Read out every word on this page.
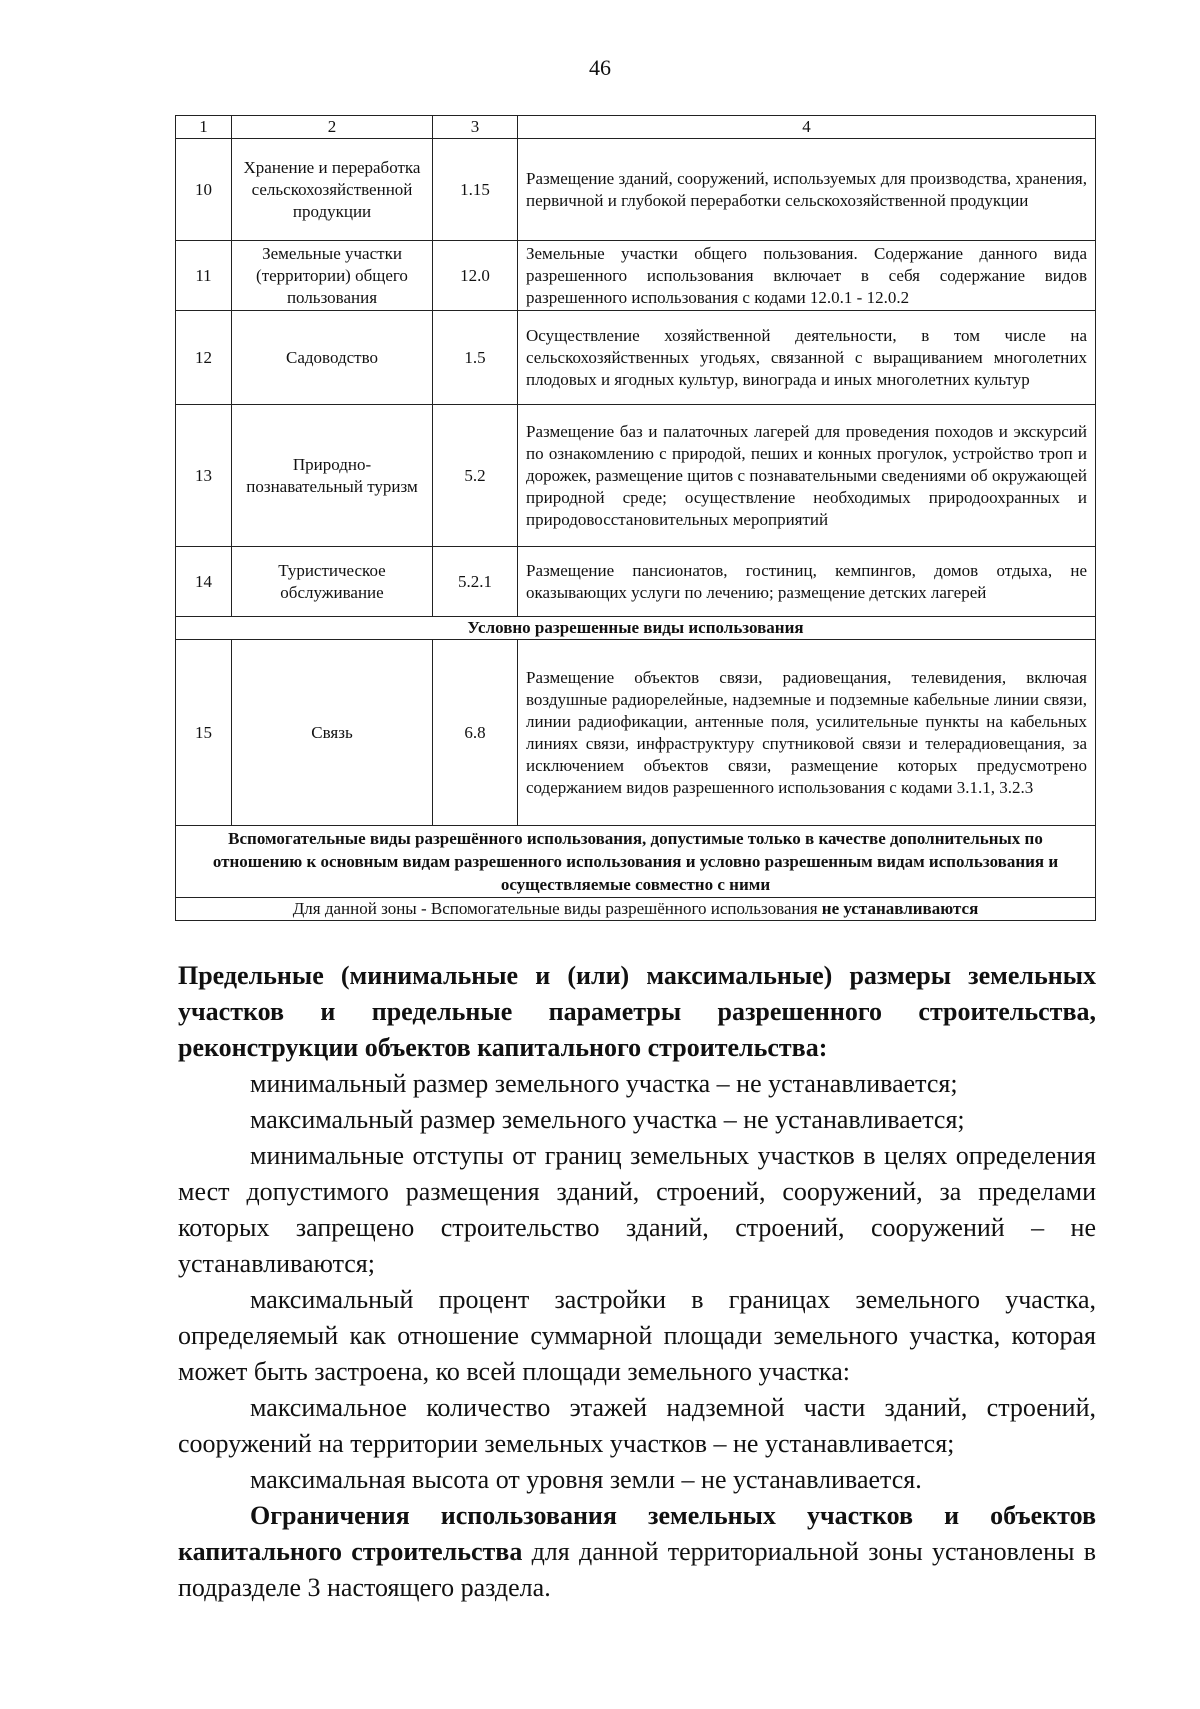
46
1	2	3	4
10	Хранение и переработка сельскохозяйственной продукции	1.15	Размещение зданий, сооружений, используемых для производства, хранения, первичной и глубокой переработки сельскохозяйственной продукции
11	Земельные участки (территории) общего пользования	12.0	Земельные участки общего пользования. Содержание данного вида разрешенного использования включает в себя содержание видов разрешенного использования с кодами 12.0.1 - 12.0.2
12	Садоводство	1.5	Осуществление хозяйственной деятельности, в том числе на сельскохозяйственных угодьях, связанной с выращиванием многолетних плодовых и ягодных культур, винограда и иных многолетних культур
13	Природно-познавательный туризм	5.2	Размещение баз и палаточных лагерей для проведения походов и экскурсий по ознакомлению с природой, пеших и конных прогулок, устройство троп и дорожек, размещение щитов с познавательными сведениями об окружающей природной среде; осуществление необходимых природоохранных и природовосстановительных мероприятий
14	Туристическое обслуживание	5.2.1	Размещение пансионатов, гостиниц, кемпингов, домов отдыха, не оказывающих услуги по лечению; размещение детских лагерей
Условно разрешенные виды использования			
15	Связь	6.8	Размещение объектов связи, радиовещания, телевидения, включая воздушные радиорелейные, надземные и подземные кабельные линии связи, линии радиофикации, антенные поля, усилительные пункты на кабельных линиях связи, инфраструктуру спутниковой связи и телерадиовещания, за исключением объектов связи, размещение которых предусмотрено содержанием видов разрешенного использования с кодами 3.1.1, 3.2.3
Вспомогательные виды разрешённого использования, допустимые только в качестве дополнительных по отношению к основным видам разрешенного использования и условно разрешенным видам использования и осуществляемые совместно с ними			
Для данной зоны - Вспомогательные виды разрешённого использования не устанавливаются			

Предельные (минимальные и (или) максимальные) размеры земельных участков и предельные параметры разрешенного строительства, реконструкции объектов капитального строительства:

минимальный размер земельного участка – не устанавливается;

максимальный размер земельного участка – не устанавливается;

минимальные отступы от границ земельных участков в целях определения мест допустимого размещения зданий, строений, сооружений, за пределами которых запрещено строительство зданий, строений, сооружений – не устанавливаются;

максимальный процент застройки в границах земельного участка, определяемый как отношение суммарной площади земельного участка, которая может быть застроена, ко всей площади земельного участка:

максимальное количество этажей надземной части зданий, строений, сооружений на территории земельных участков – не устанавливается;

максимальная высота от уровня земли – не устанавливается.

Ограничения использования земельных участков и объектов капитального строительства для данной территориальной зоны установлены в подразделе 3 настоящего раздела.
